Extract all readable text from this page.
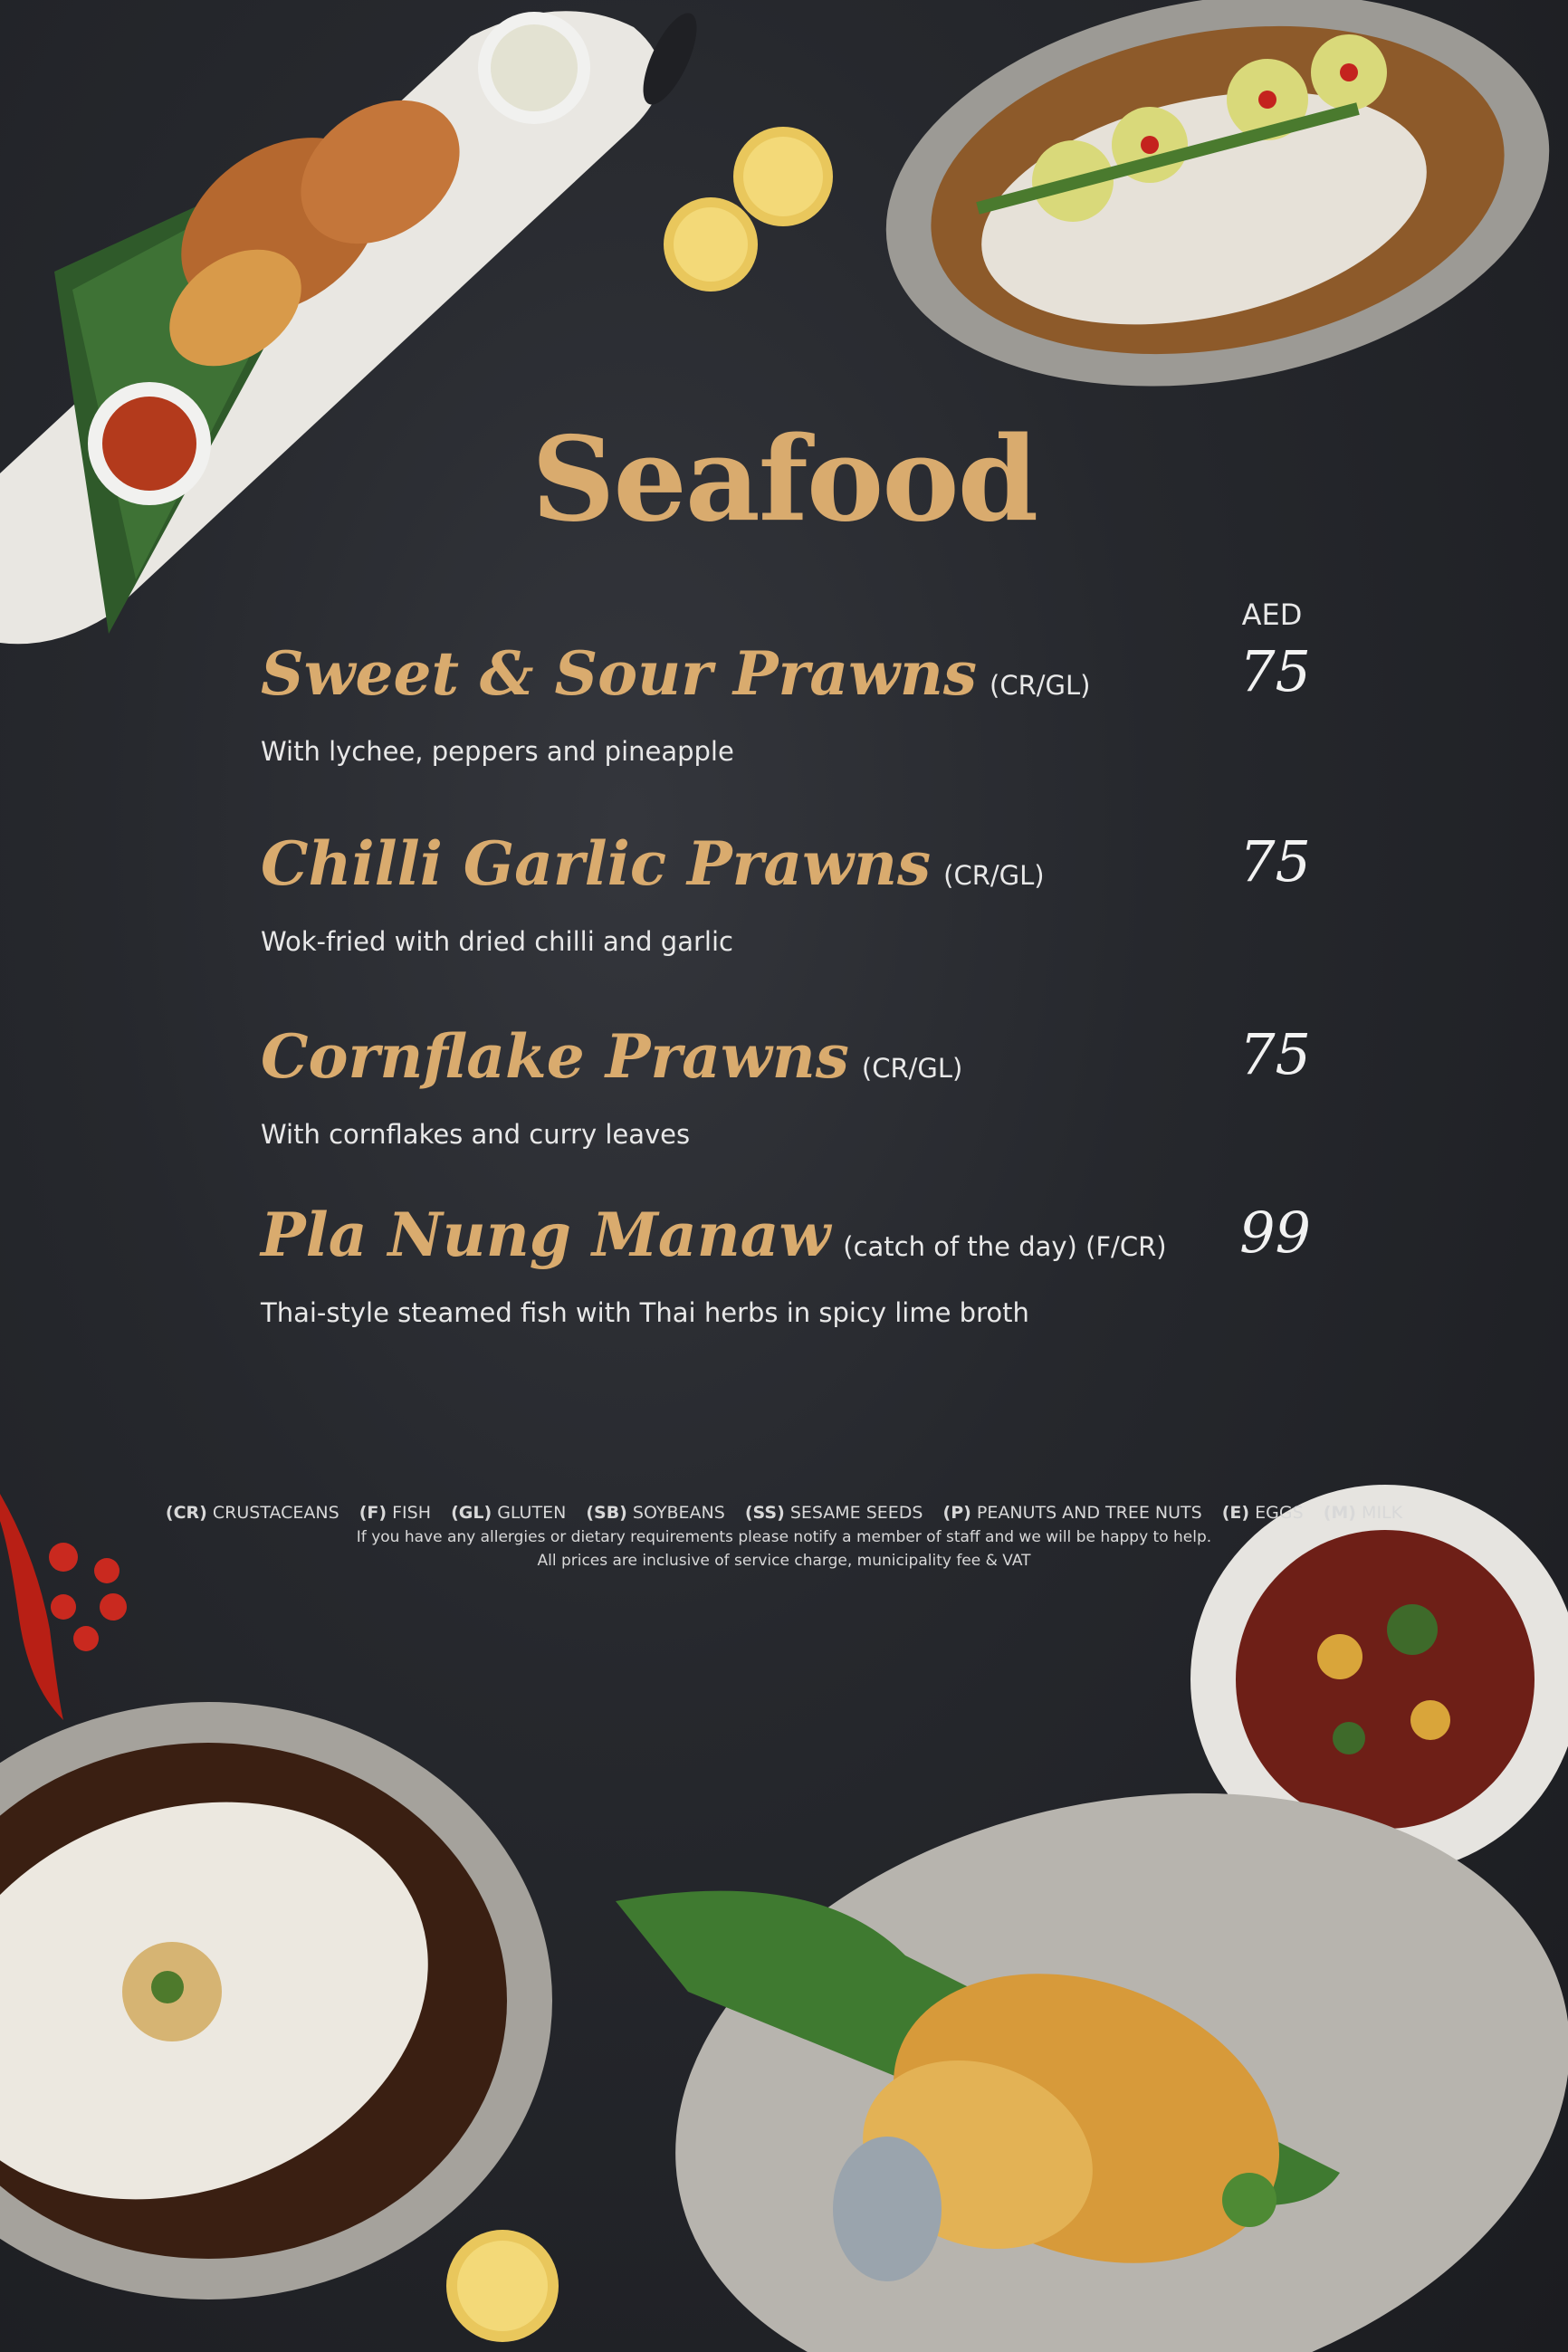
Seafood
AED
Sweet & Sour Prawns (CR/GL)	75
With lychee, peppers and pineapple
Chilli Garlic Prawns (CR/GL)	75
Wok-fried with dried chilli and garlic
Cornflake Prawns (CR/GL)	75
With cornflakes and curry leaves
Pla Nung Manaw (catch of the day) (F/CR)	99
Thai-style steamed fish with Thai herbs in spicy lime broth
(CR) CRUSTACEANS (F) FISH (GL) GLUTEN (SB) SOYBEANS (SS) SESAME SEEDS (P) PEANUTS AND TREE NUTS (E) EGGS (M) MILK
If you have any allergies or dietary requirements please notify a member of staff and we will be happy to help.
All prices are inclusive of service charge, municipality fee & VAT
